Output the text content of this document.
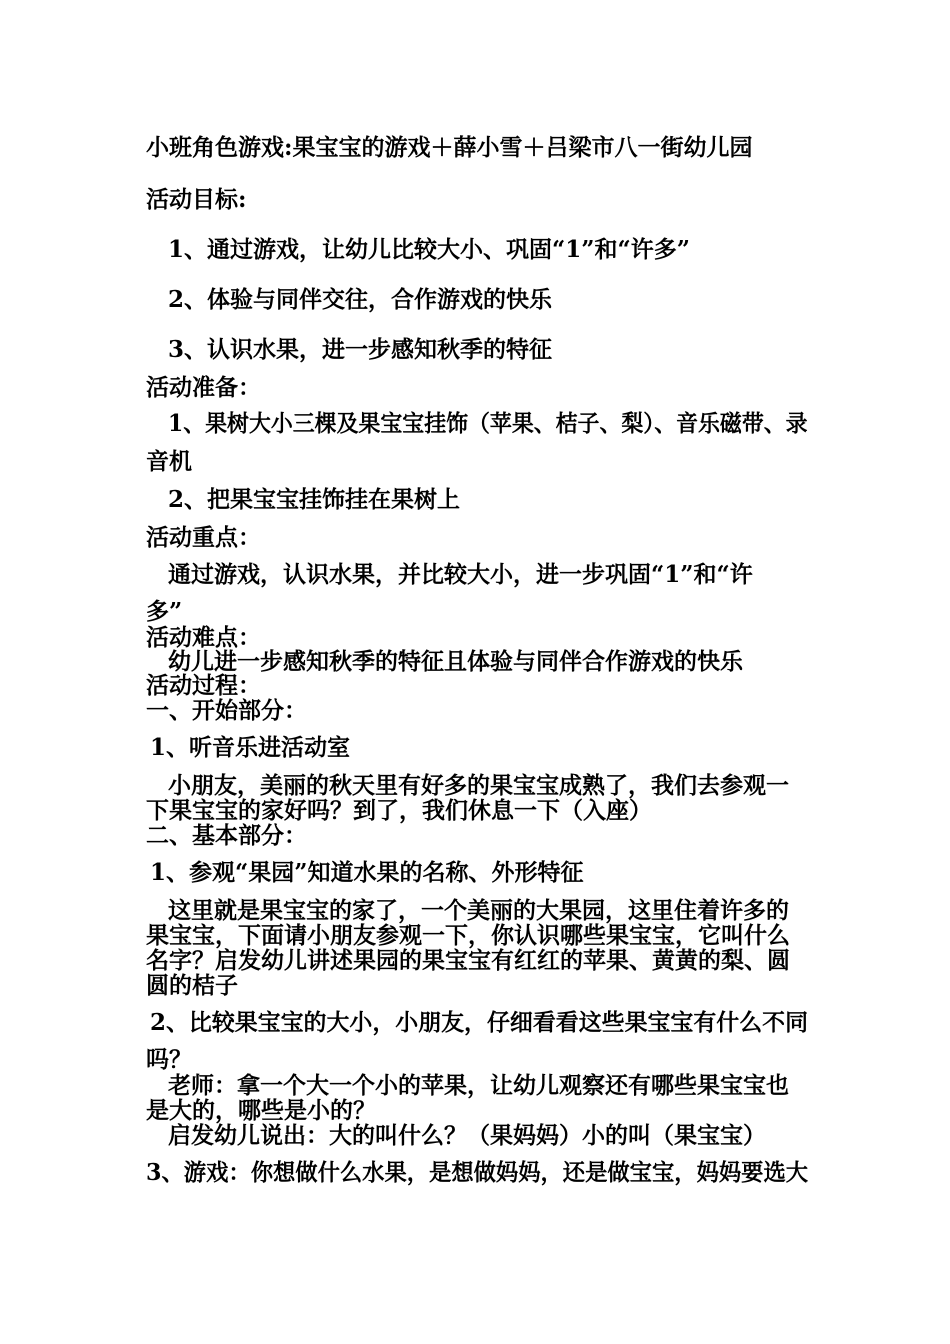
小班角色游戏:果宝宝的游戏＋薛小雪＋吕梁市八一街幼儿园
活动目标:
1、通过游戏，让幼儿比较大小、巩固“1”和“许多”
2、体验与同伴交往，合作游戏的快乐
3、认识水果，进一步感知秋季的特征
活动准备：
1、果树大小三棵及果宝宝挂饰（苹果、桔子、梨）、音乐磁带、录
音机
2、把果宝宝挂饰挂在果树上
活动重点：
通过游戏，认识水果，并比较大小，进一步巩固“1”和“许
多”
活动难点：
幼儿进一步感知秋季的特征且体验与同伴合作游戏的快乐
活动过程：
一、开始部分：
1、听音乐进活动室
小朋友，美丽的秋天里有好多的果宝宝成熟了，我们去参观一
下果宝宝的家好吗？到了，我们休息一下（入座）
二、基本部分：
1、参观“果园”知道水果的名称、外形特征
这里就是果宝宝的家了，一个美丽的大果园，这里住着许多的
果宝宝，下面请小朋友参观一下，你认识哪些果宝宝，它叫什么
名字？启发幼儿讲述果园的果宝宝有红红的苹果、黄黄的梨、圆
圆的桔子
2、比较果宝宝的大小，小朋友，仔细看看这些果宝宝有什么不同
吗？
老师：拿一个大一个小的苹果，让幼儿观察还有哪些果宝宝也
是大的，哪些是小的？
启发幼儿说出：大的叫什么？（果妈妈）小的叫（果宝宝）
3、游戏：你想做什么水果，是想做妈妈，还是做宝宝，妈妈要选大
